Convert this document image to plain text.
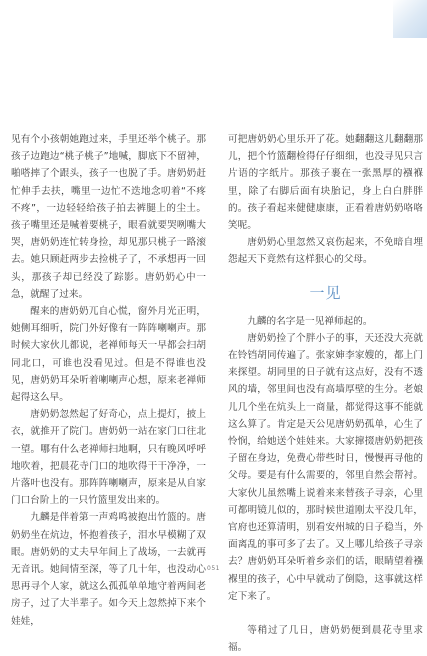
见有个小孩朝她跑过来，手里还举个桃子。那孩子边跑边“桃子桃子”地喊，脚底下不留神，啪嗒摔了个跟头，孩子一也脱了手。唐奶奶赶忙伸手去扶，嘴里一边忙不迭地念叨着“不疼不疼”，一边轻轻给孩子拍去裤腿上的尘土。孩子嘴里还是喊着要桃子，眼看就要哭咧嘴大哭，唐奶奶连忙转身捡，却见那只桃子一路滚去。她只顾赶两步去捡桃子了，不承想再一回头，那孩子却已经没了踪影。唐奶奶心中一急，就醒了过来。

醒来的唐奶奶兀自心慌，窗外月光正明，她侧耳细听，院门外好像有一阵阵喇喇声。那时候大家伙儿都说，老禅师每天一早都会扫胡同北口，可谁也没看见过。但是不得谁也没见，唐奶奶耳朵听着喇喇声心想，原来老禅师起得这么早。

唐奶奶忽然起了好奇心，点上提灯，披上衣，就推开了院门。唐奶奶一站在家门口往北一望。哪有什么老禅师扫地啊，只有晚风呼呼地吹着，把晨花寺门口的地吹得干干净净，一片落叶也没有。那阵阵喇喇声，原来是从自家门口台阶上的一只竹篮里发出来的。

九麟是伴着第一声鸡鸣被抱出竹篮的。唐奶奶坐在炕边，怀抱着孩子，泪水早模糊了双眼。唐奶奶的丈夫早年间上了战场，一去就再无音讯。她间情至深，等了几十年，也没动心思再寻个人家，就这么孤孤单单地守着两间老房子，过了大半辈子。如今天上忽然掉下来个娃娃，

可把唐奶奶心里乐开了花。她翻翻这儿翻翻那儿，把个竹篮翻检得仔仔细细，也没寻见只言片语的字纸片。那孩子裹在一张黑厚的襁褓里，除了右脚后面有块胎记，身上白白胖胖的。孩子看起来健健康康，正看着唐奶奶咯咯笑呢。

唐奶奶心里忽然又哀伤起来，不免暗自埋怨起天下竟然有这样狠心的父母。

一见

九麟的名字是一见禅师起的。

唐奶奶捡了个胖小子的事，天还没大亮就在铃铛胡同传遍了。张家婶李家嫂的，都上门来探望。胡同里的日子就有这点好，没有不透风的墙，邻里间也没有高墙厚壁的生分。老娘儿几个坐在炕头上一商量，都觉得这事不能就这么算了。肯定是天公见唐奶奶孤单，心生了怜悯，给她送个娃娃来。大家撺掇唐奶奶把孩子留在身边，免费心带些时日，慢慢再寻他的父母。要是有什么需要的，邻里自然会帮衬。大家伙儿虽然嘴上说着来来替孩子寻亲，心里可都明镜儿似的，那时候世道刚太平没几年，官府也还算清明，别看安州城的日子稳当，外面离乱的事可多了去了。又上哪儿给孩子寻亲去？唐奶奶耳朵听着乡亲们的话，眼睛望着襁褓里的孩子，心中早就动了倒隐，这事就这样定下来了。

等稍过了几日，唐奶奶便到晨花寺里求福。

051
